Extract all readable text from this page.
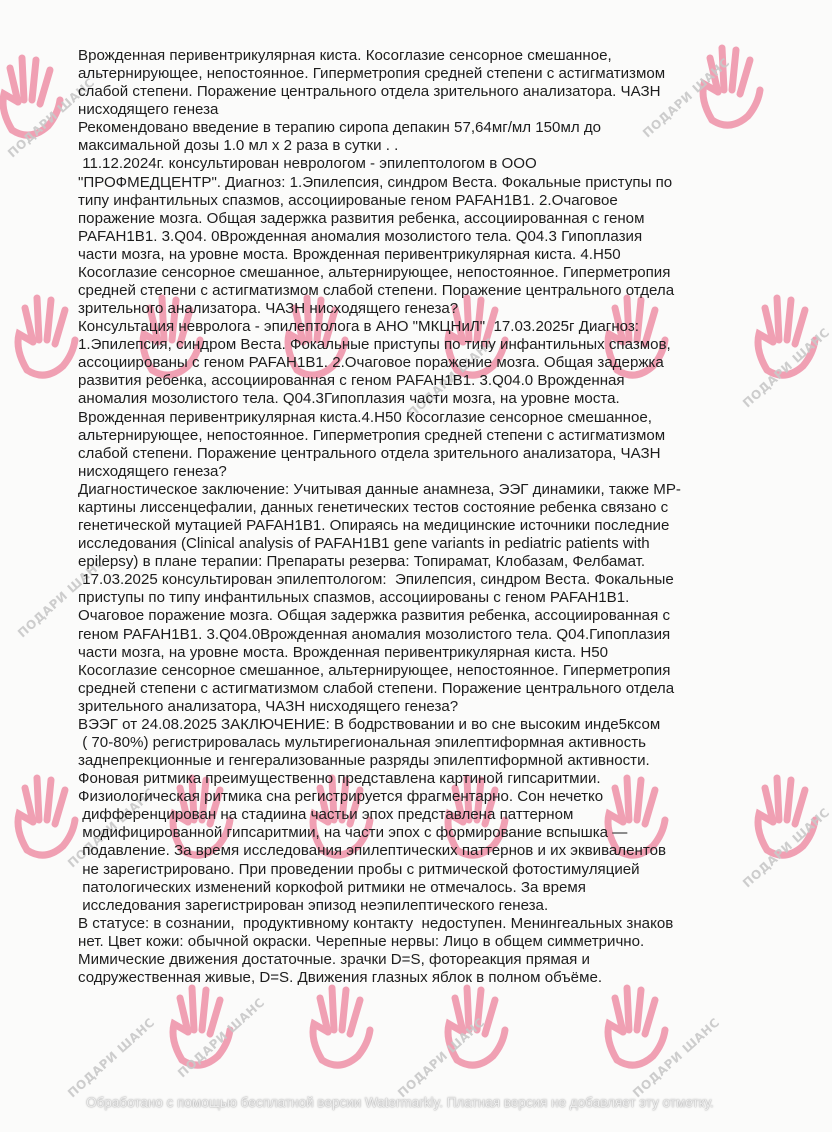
ПОДАРИ ШАНС
ПОДАРИ ШАНС
ПОДАРИ ШАНС	ПОДАРИ ШАНС
ПОДАРИ ШАНС
ПОДАРИ ШАНС
ПОДАРИ ШАНС
ПОДАРИ ШАНС
ПОДАРИ ШАНС
ПОДАРИ ШАНС
ПОДАРИ ШАНС
Врожденная перивентрикулярная киста. Косоглазие сенсорное смешанное,
альтернирующее, непостоянное. Гиперметропия средней степени с астигматизмом
слабой степени. Поражение центрального отдела зрительного анализатора. ЧАЗН
нисходящего генеза
Рекомендовано введение в терапию сиропа депакин 57,64мг/мл 150мл до
максимальной дозы 1.0 мл х 2 раза в сутки . .
11.12.2024г. консультирован неврологом - эпилептологом в ООО
"ПРОФМЕДЦЕНТР". Диагноз: 1.Эпилепсия, синдром Веста. Фокальные приступы по
типу инфантильных спазмов, ассоциированые геном PAFAH1B1. 2.Очаговое
поражение мозга. Общая задержка развития ребенка, ассоциированная с геном
PAFAH1B1. 3.Q04. 0Врожденная аномалия мозолистого тела. Q04.3 Гипоплазия
части мозга, на уровне моста. Врожденная перивентрикулярная киста. 4.H50
Косоглазие сенсорное смешанное, альтернирующее, непостоянное. Гиперметропия
средней степени с астигматизмом слабой степени. Поражение центрального отдела
зрительного анализатора. ЧАЗН нисходящего генеза?
Консультация невролога - эпилептолога в АНО "МКЦНиЛ"  17.03.2025г Диагноз:
1.Эпилепсия, синдром Веста. Фокальные приступы по типу инфантильных спазмов,
ассоциированы с геном PAFAH1B1. 2.Очаговое поражение мозга. Общая задержка
развития ребенка, ассоциированная с геном PAFAH1B1. 3.Q04.0 Врожденная
аномалия мозолистого тела. Q04.3Гипоплазия части мозга, на уровне моста.
Врожденная перивентрикулярная киста.4.H50 Косоглазие сенсорное смешанное,
альтернирующее, непостоянное. Гиперметропия средней степени с астигматизмом
слабой степени. Поражение центрального отдела зрительного анализатора, ЧАЗН
нисходящего генеза?
Диагностическое заключение: Учитывая данные анамнеза, ЭЭГ динамики, также МР-
картины лиссенцефалии, данных генетических тестов состояние ребенка связано с
генетической мутацией PAFAH1B1. Опираясь на медицинские источники последние
исследования (Clinical analysis of PAFAH1B1 gene variants in pediatric patients with
epilepsy) в плане терапии: Препараты резерва: Топирамат, Клобазам, Фелбамат.
17.03.2025 консультирован эпилептологом:  Эпилепсия, синдром Веста. Фокальные
приступы по типу инфантильных спазмов, ассоциированы с геном PAFAH1B1.
Очаговое поражение мозга. Общая задержка развития ребенка, ассоциированная с
геном PAFAH1B1. 3.Q04.0Врожденная аномалия мозолистого тела. Q04.Гипоплазия
части мозга, на уровне моста. Врожденная перивентрикулярная киста. H50
Косоглазие сенсорное смешанное, альтернирующее, непостоянное. Гиперметропия
средней степени с астигматизмом слабой степени. Поражение центрального отдела
зрительного анализатора, ЧАЗН нисходящего генеза?
ВЭЭГ от 24.08.2025 ЗАКЛЮЧЕНИЕ: В бодрствовании и во сне высоким инде5ксом
( 70-80%) регистрировалась мультирегиональная эпилептиформная активность
заднепрекционные и генгерализованные разряды эпилептиформной активности.
Фоновая ритмика преимущественно представлена картиной гипсаритмии.
Физиологическая ритмика сна регистрируется фрагментарно. Сон нечетко
дифференцирован на стадиина частьи эпох представлена паттерном
модифицированной гипсаритмии, на части эпох с формирование вспышка —
подавление. За время исследования эпилептических паттернов и их эквивалентов
не зарегистрировано. При проведении пробы с ритмической фотостимуляцией
патологических изменений коркофой ритмики не отмечалось. За время
исследования зарегистрирован эпизод неэпилептического генеза.
В статусе: в сознании,  продуктивному контакту  недоступен. Менингеальных знаков
нет. Цвет кожи: обычной окраски. Черепные нервы: Лицо в общем симметрично.
Мимические движения достаточные. зрачки D=S, фотореакция прямая и
содружественная живые, D=S. Движения глазных яблок в полном объёме.
Обработано с помощью бесплатной версии Watermarkly. Платная версия не добавляет эту отметку.
